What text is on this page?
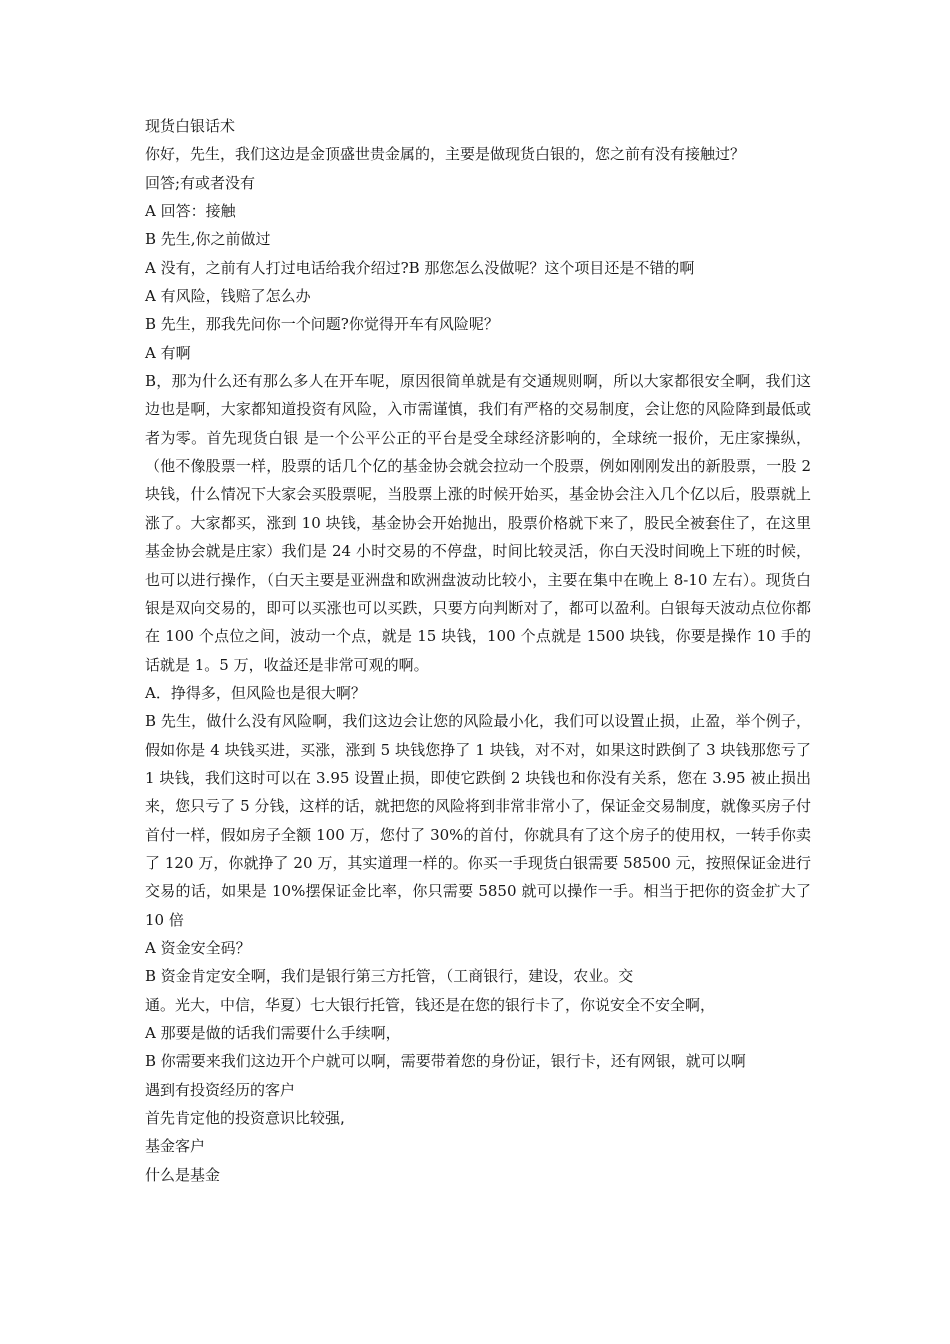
现货白银话术

你好，先生，我们这边是金顶盛世贵金属的，主要是做现货白银的，您之前有没有接触过？

回答;有或者没有

A 回答：接触

B 先生,你之前做过

A 没有，之前有人打过电话给我介绍过?B 那您怎么没做呢？这个项目还是不错的啊

A 有风险，钱赔了怎么办

B 先生，那我先问你一个问题?你觉得开车有风险呢？

A 有啊

B，那为什么还有那么多人在开车呢，原因很简单就是有交通规则啊，所以大家都很安全啊，我们这边也是啊，大家都知道投资有风险，入市需谨慎，我们有严格的交易制度，会让您的风险降到最低或者为零。首先现货白银 是一个公平公正的平台是受全球经济影响的，全球统一报价，无庄家操纵，（他不像股票一样，股票的话几个亿的基金协会就会拉动一个股票，例如刚刚发出的新股票，一股 2 块钱，什么情况下大家会买股票呢，当股票上涨的时候开始买，基金协会注入几个亿以后，股票就上涨了。大家都买，涨到 10 块钱，基金协会开始抛出，股票价格就下来了，股民全被套住了，在这里基金协会就是庄家）我们是 24 小时交易的不停盘，时间比较灵活，你白天没时间晚上下班的时候，也可以进行操作，（白天主要是亚洲盘和欧洲盘波动比较小，主要在集中在晚上 8-10 左右）。现货白银是双向交易的，即可以买涨也可以买跌，只要方向判断对了，都可以盈利。白银每天波动点位你都在 100 个点位之间，波动一个点，就是 15 块钱，100 个点就是 1500 块钱，你要是操作 10 手的话就是 1。5 万，收益还是非常可观的啊。

A．挣得多，但风险也是很大啊？

B 先生，做什么没有风险啊，我们这边会让您的风险最小化，我们可以设置止损，止盈，举个例子，假如你是 4 块钱买进，买涨，涨到 5 块钱您挣了 1 块钱，对不对，如果这时跌倒了 3 块钱那您亏了 1 块钱，我们这时可以在 3.95 设置止损，即使它跌倒 2 块钱也和你没有关系，您在 3.95 被止损出来，您只亏了 5 分钱，这样的话，就把您的风险将到非常非常小了，保证金交易制度，就像买房子付首付一样，假如房子全额 100 万，您付了 30%的首付，你就具有了这个房子的使用权，一转手你卖了 120 万，你就挣了 20 万，其实道理一样的。你买一手现货白银需要 58500 元，按照保证金进行交易的话，如果是 10%摆保证金比率，你只需要 5850 就可以操作一手。相当于把你的资金扩大了 10 倍

A 资金安全码？

B 资金肯定安全啊，我们是银行第三方托管，（工商银行，建设，农业。交

通。光大，中信，华夏）七大银行托管，钱还是在您的银行卡了，你说安全不安全啊，

A 那要是做的话我们需要什么手续啊，

B 你需要来我们这边开个户就可以啊，需要带着您的身份证，银行卡，还有网银，就可以啊

遇到有投资经历的客户

首先肯定他的投资意识比较强,

基金客户

什么是基金
